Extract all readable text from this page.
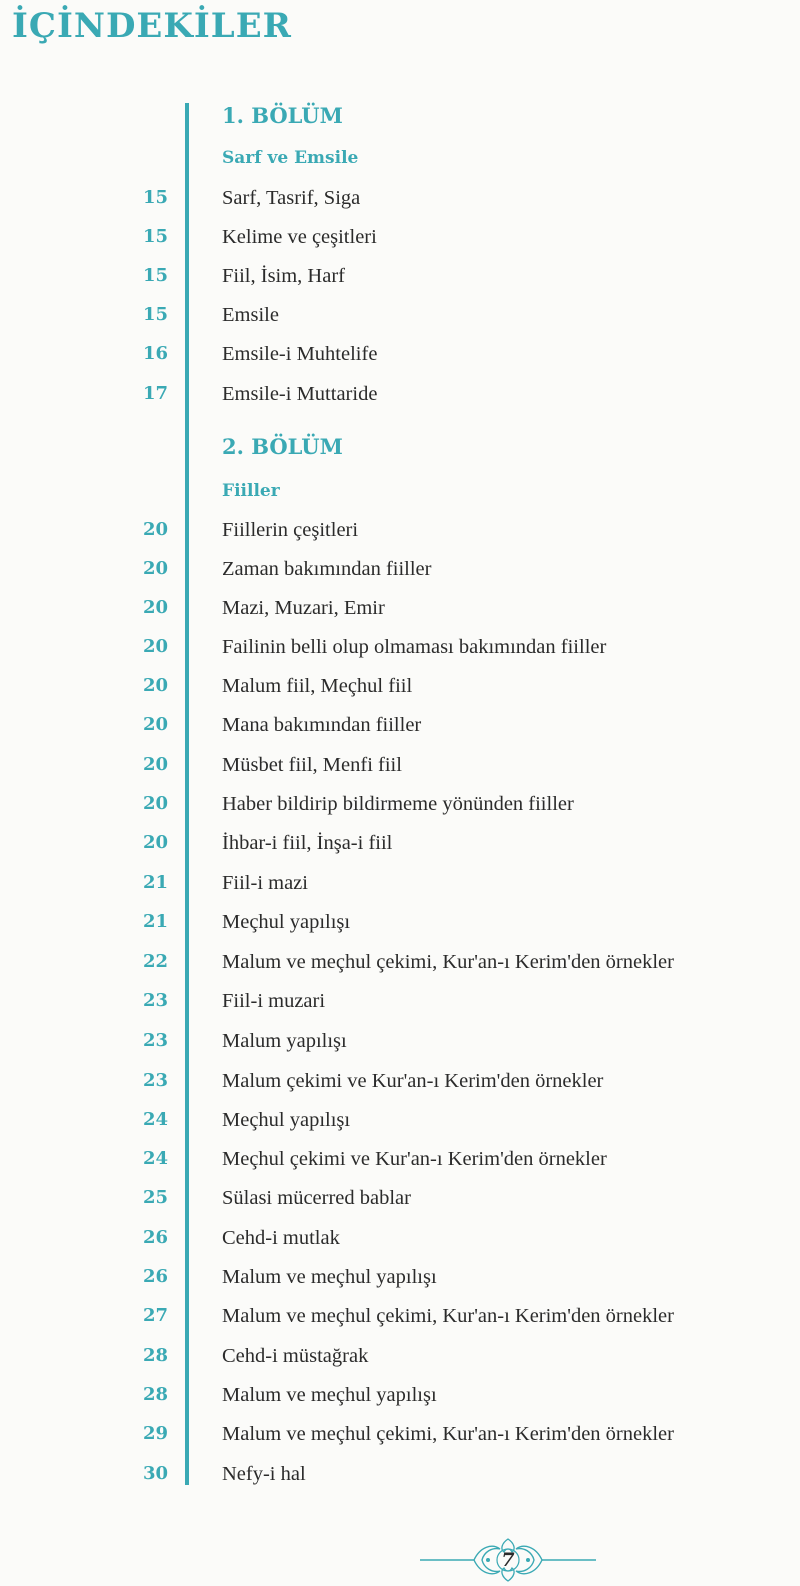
İÇİNDEKİLER
1. BÖLÜM
Sarf ve Emsile
15	Sarf, Tasrif, Siga
15	Kelime ve çeşitleri
15	Fiil, İsim, Harf
15	Emsile
16	Emsile-i Muhtelife
17	Emsile-i Muttaride
2. BÖLÜM
Fiiller
20	Fiillerin çeşitleri
20	Zaman bakımından fiiller
20	Mazi, Muzari, Emir
20	Failinin belli olup olmaması bakımından fiiller
20	Malum fiil, Meçhul fiil
20	Mana bakımından fiiller
20	Müsbet fiil, Menfi fiil
20	Haber bildirip bildirmeme yönünden fiiller
20	İhbar-i fiil, İnşa-i fiil
21	Fiil-i mazi
21	Meçhul yapılışı
22	Malum ve meçhul çekimi, Kur'an-ı Kerim'den örnekler
23	Fiil-i muzari
23	Malum yapılışı
23	Malum çekimi ve Kur'an-ı Kerim'den örnekler
24	Meçhul yapılışı
24	Meçhul çekimi ve Kur'an-ı Kerim'den örnekler
25	Sülasi mücerred bablar
26	Cehd-i mutlak
26	Malum ve meçhul yapılışı
27	Malum ve meçhul çekimi, Kur'an-ı Kerim'den örnekler
28	Cehd-i müstağrak
28	Malum ve meçhul yapılışı
29	Malum ve meçhul çekimi, Kur'an-ı Kerim'den örnekler
30	Nefy-i hal
7
